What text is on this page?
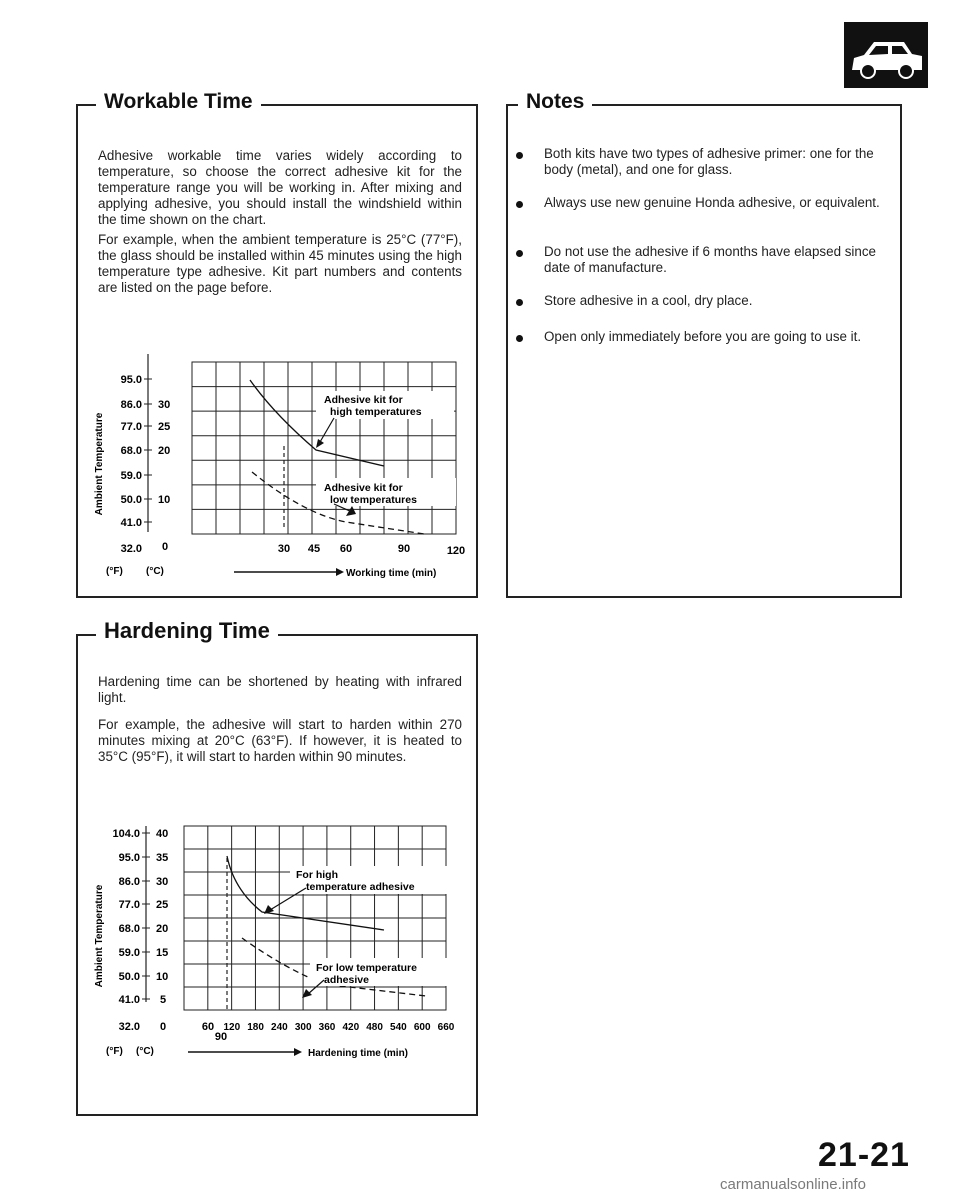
Workable Time

Adhesive workable time varies widely according to temperature, so choose the correct adhesive kit for the temperature range you will be working in. After mixing and applying adhesive, you should install the windshield within the time shown on the chart.

For example, when the ambient temperature is 25°C (77°F), the glass should be installed within 45 minutes using the high temperature type adhesive. Kit part numbers and contents are listed on the page before.

Ambient Temperature
95.0
86.0
77.0
68.0
59.0
50.0
41.0
32.0
30
25
20
10
0	30 45 60	90	120
(°F) (°C)	Working time (min)
Adhesive kit for
high temperatures
Adhesive kit for
low temperatures
Notes
Both kits have two types of adhesive primer: one for the body (metal), and one for glass.
Always use new genuine Honda adhesive, or equivalent.
Do not use the adhesive if 6 months have elapsed since date of manufacture.
Store adhesive in a cool, dry place.
Open only immediately before you are going to use it.
Hardening Time

Hardening time can be shortened by heating with infrared light.

For example, the adhesive will start to harden within 270 minutes mixing at 20°C (63°F). If however, it is heated to 35°C (95°F), it will start to harden within 90 minutes.

Ambient Temperature
104.0
95.0
86.0
77.0
68.0
59.0
50.0
41.0
32.0
40
35
30
25
20
15
10
5
0	60 120 180 240 300 360 420 480 540 600 660
90
(°F) (°C)	Hardening time (min)
For high
temperature adhesive
For low temperature
adhesive
21-21
carmanualsonline.info
